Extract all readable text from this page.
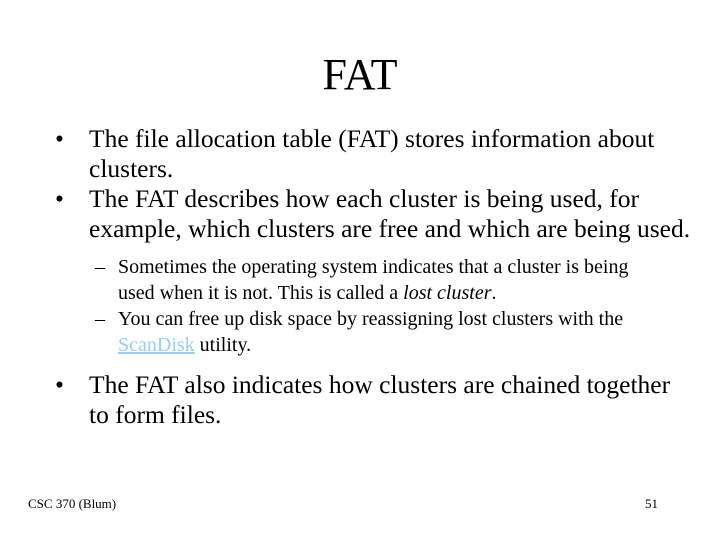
FAT
• The file allocation table (FAT) stores information about clusters.
• The FAT describes how each cluster is being used, for example, which clusters are free and which are being used.
– Sometimes the operating system indicates that a cluster is being used when it is not. This is called a lost cluster.
– You can free up disk space by reassigning lost clusters with the ScanDisk utility.
• The FAT also indicates how clusters are chained together to form files.
CSC 370 (Blum)	51
